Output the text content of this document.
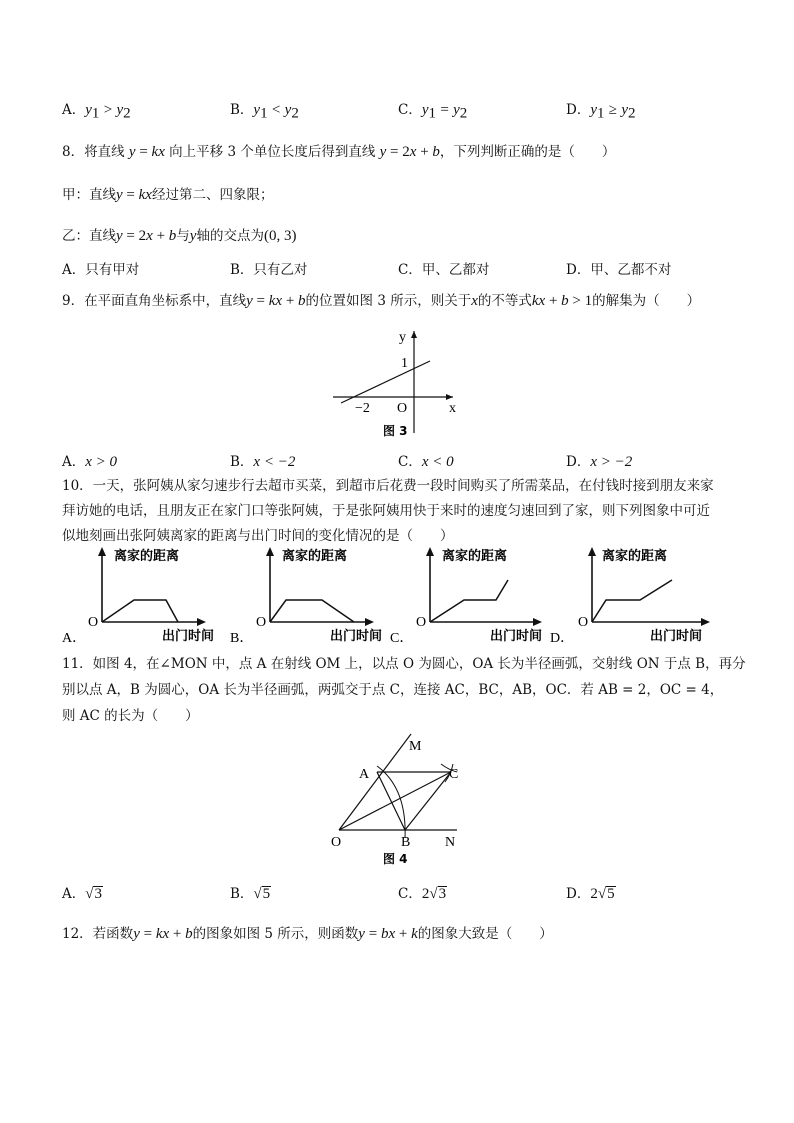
A．$y_1 > y_2$	B．$y_1 < y_2$	C．$y_1 = y_2$	D．$y_1 \ge y_2$
8．将直线 y = kx 向上平移 3 个单位长度后得到直线 y = 2x + b，下列判断正确的是（　　）
甲：直线y = kx经过第二、四象限；
乙：直线y = 2x + b与y轴的交点为(0, 3)
A．只有甲对	B．只有乙对	C．甲、乙都对	D．甲、乙都不对
9．在平面直角坐标系中，直线y = kx + b的位置如图 3 所示，则关于x的不等式kx + b > 1的解集为（　　）
y
x
1
−2 O
图 3
A．x > 0	B．x < −2	C．x < 0	D．x > −2
10．一天，张阿姨从家匀速步行去超市买菜，到超市后花费一段时间购买了所需菜品，在付钱时接到朋友来家
拜访她的电话，且朋友正在家门口等张阿姨，于是张阿姨用快于来时的速度匀速回到了家，则下列图象中可近
似地刻画出张阿姨离家的距离与出门时间的变化情况的是（　　）
A．
O
离家的距离
出门时间 B．
O
离家的距离
出门时间 C．
O
离家的距离
出门时间 D．
O
离家的距离
出门时间
11．如图 4，在∠MON 中，点 A 在射线 OM 上，以点 O 为圆心，OA 长为半径画弧，交射线 ON 于点 B，再分
别以点 A，B 为圆心，OA 长为半径画弧，两弧交于点 C，连接 AC，BC，AB，OC．若 AB = 2，OC = 4，
则 AC 的长为（　　）
M
A	C
O	B N
图 4
A．√3	B．√5	C．2√3	D．2√5
12．若函数y = kx + b的图象如图 5 所示，则函数y = bx + k的图象大致是（　　）
